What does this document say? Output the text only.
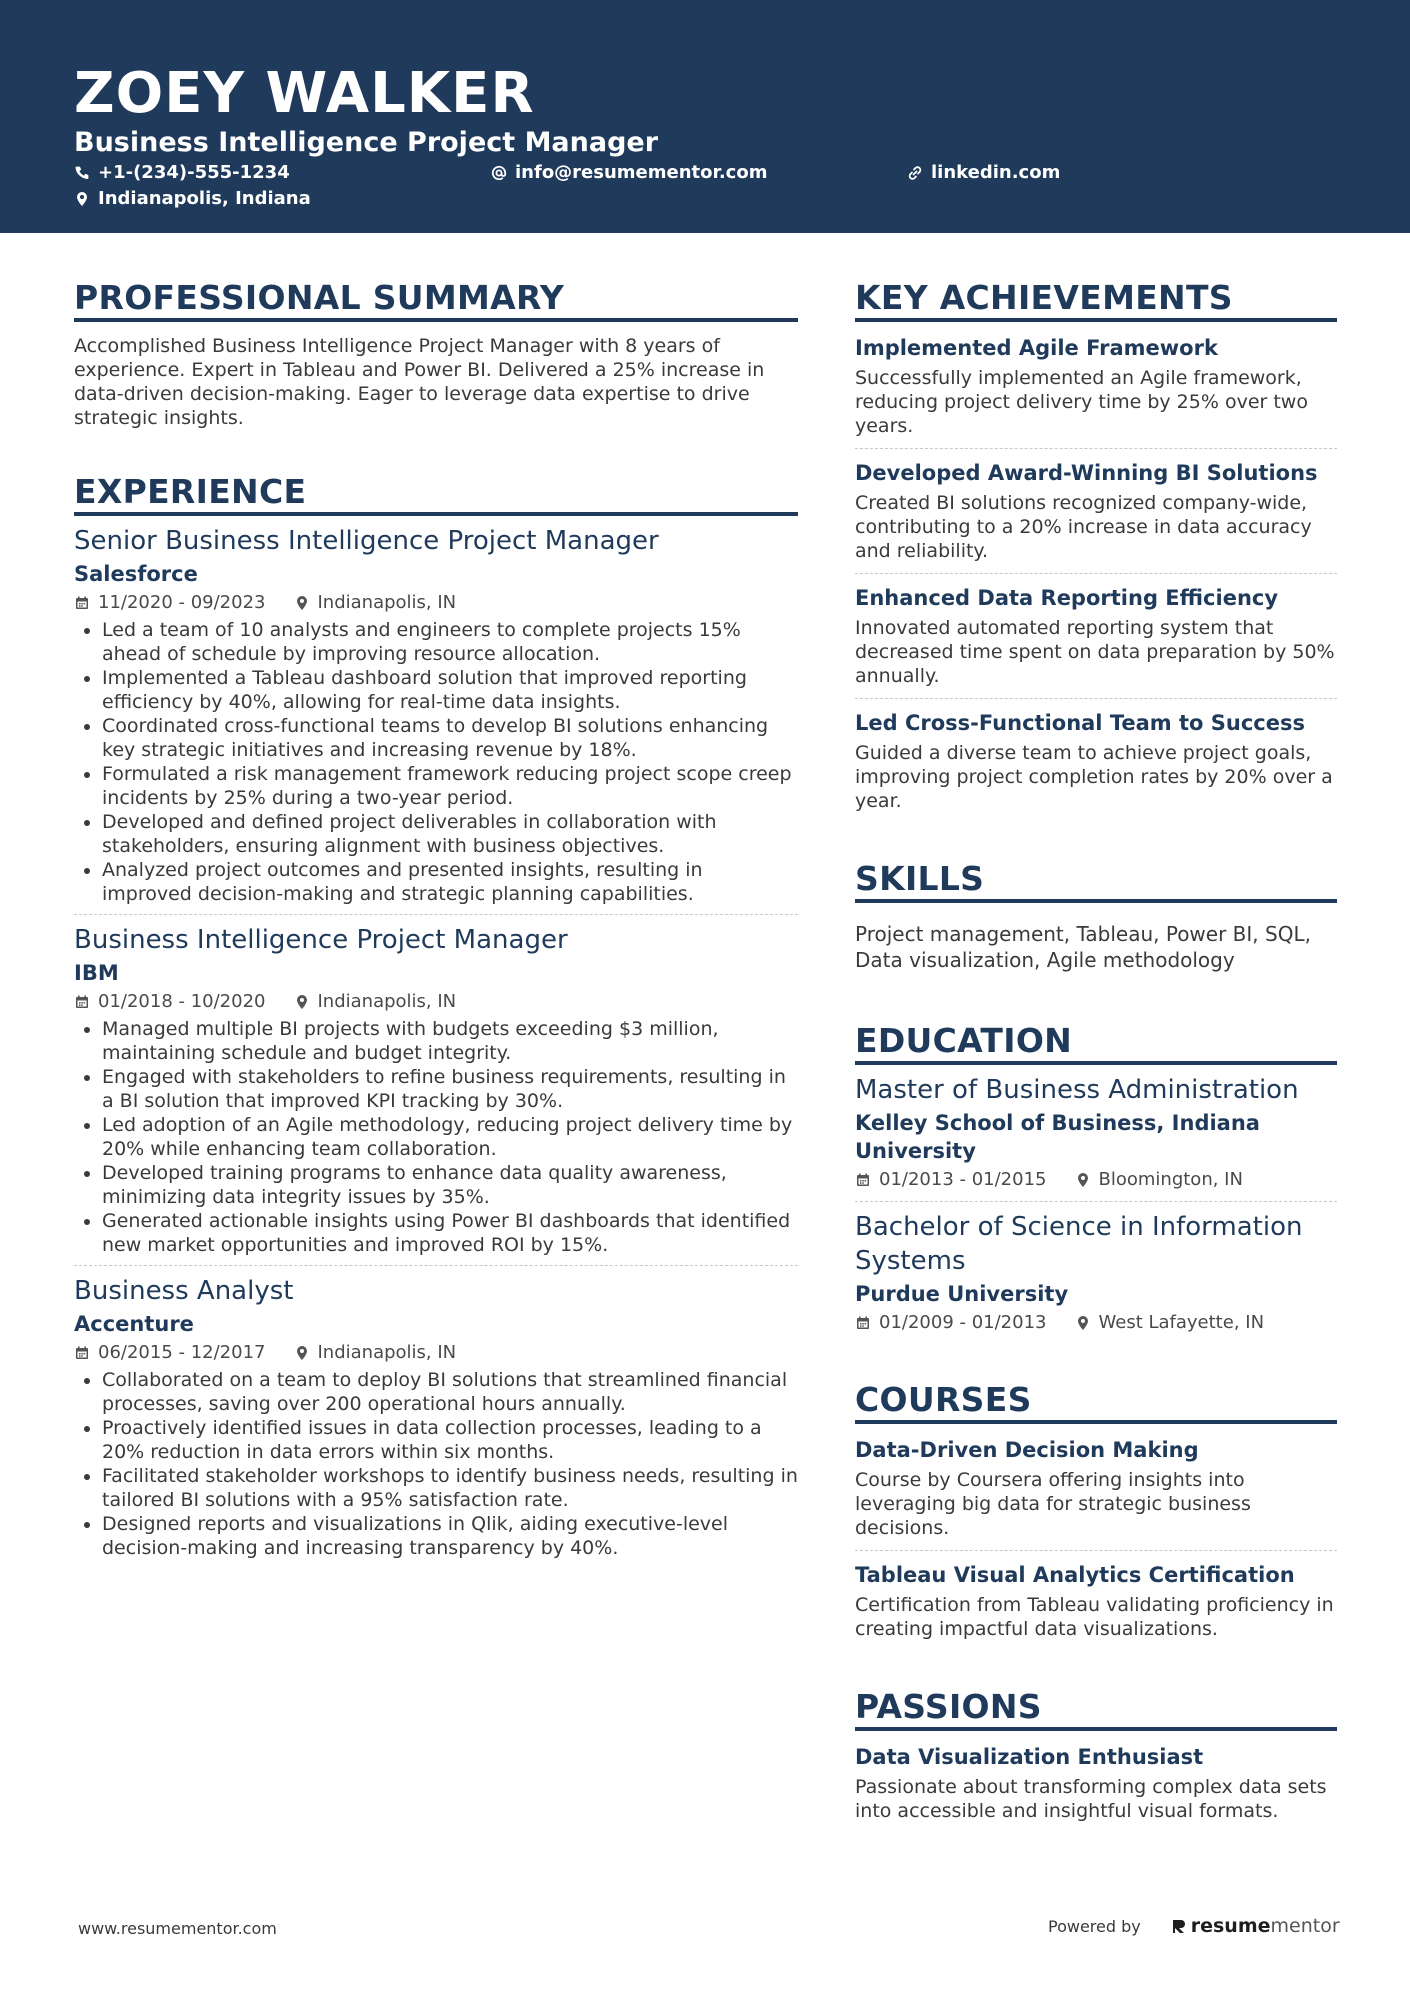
ZOEY WALKER
Business Intelligence Project Manager
+1-(234)-555-1234	info@resumementor.com	linkedin.com
Indianapolis, Indiana
PROFESSIONAL SUMMARY

Accomplished Business Intelligence Project Manager with 8 years of experience. Expert in Tableau and Power BI. Delivered a 25% increase in data-driven decision-making. Eager to leverage data expertise to drive strategic insights.

EXPERIENCE
Senior Business Intelligence Project Manager
Salesforce
11/2020 - 09/2023	Indianapolis, IN
• Led a team of 10 analysts and engineers to complete projects 15% ahead of schedule by improving resource allocation.
• Implemented a Tableau dashboard solution that improved reporting efficiency by 40%, allowing for real-time data insights.
• Coordinated cross-functional teams to develop BI solutions enhancing key strategic initiatives and increasing revenue by 18%.
• Formulated a risk management framework reducing project scope creep incidents by 25% during a two-year period.
• Developed and defined project deliverables in collaboration with stakeholders, ensuring alignment with business objectives.
• Analyzed project outcomes and presented insights, resulting in improved decision-making and strategic planning capabilities.
Business Intelligence Project Manager
IBM
01/2018 - 10/2020	Indianapolis, IN
• Managed multiple BI projects with budgets exceeding $3 million, maintaining schedule and budget integrity.
• Engaged with stakeholders to refine business requirements, resulting in a BI solution that improved KPI tracking by 30%.
• Led adoption of an Agile methodology, reducing project delivery time by 20% while enhancing team collaboration.
• Developed training programs to enhance data quality awareness, minimizing data integrity issues by 35%.
• Generated actionable insights using Power BI dashboards that identified new market opportunities and improved ROI by 15%.
Business Analyst
Accenture
06/2015 - 12/2017	Indianapolis, IN
• Collaborated on a team to deploy BI solutions that streamlined financial processes, saving over 200 operational hours annually.
• Proactively identified issues in data collection processes, leading to a 20% reduction in data errors within six months.
• Facilitated stakeholder workshops to identify business needs, resulting in tailored BI solutions with a 95% satisfaction rate.
• Designed reports and visualizations in Qlik, aiding executive-level decision-making and increasing transparency by 40%.
KEY ACHIEVEMENTS
Implemented Agile Framework

Successfully implemented an Agile framework, reducing project delivery time by 25% over two years.

Developed Award-Winning BI Solutions

Created BI solutions recognized company-wide, contributing to a 20% increase in data accuracy and reliability.

Enhanced Data Reporting Efficiency

Innovated automated reporting system that decreased time spent on data preparation by 50% annually.

Led Cross-Functional Team to Success

Guided a diverse team to achieve project goals, improving project completion rates by 20% over a year.

SKILLS

Project management, Tableau, Power BI, SQL, Data visualization, Agile methodology

EDUCATION
Master of Business Administration
Kelley School of Business, Indiana University
01/2013 - 01/2015	Bloomington, IN
Bachelor of Science in Information Systems
Purdue University
01/2009 - 01/2013	West Lafayette, IN
COURSES
Data-Driven Decision Making

Course by Coursera offering insights into leveraging big data for strategic business decisions.

Tableau Visual Analytics Certification

Certification from Tableau validating proficiency in creating impactful data visualizations.

PASSIONS
Data Visualization Enthusiast

Passionate about transforming complex data sets into accessible and insightful visual formats.

www.resumementor.com	Powered by	resume mentor
